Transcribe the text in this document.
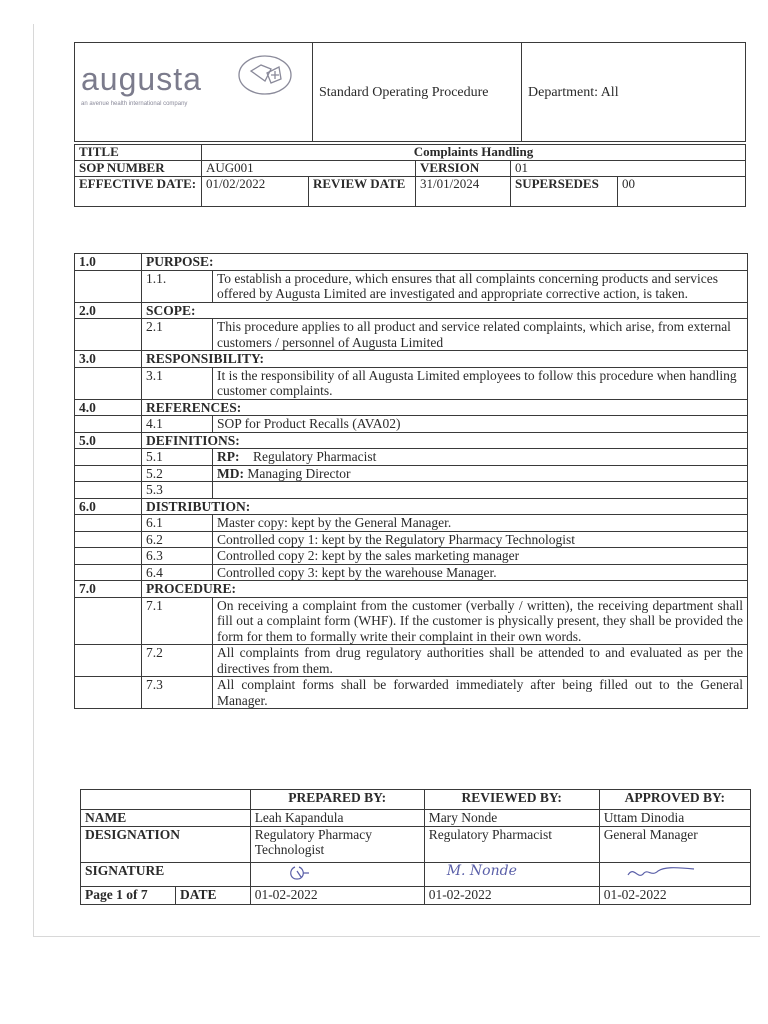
augusta
an avenue health international company
	Standard Operating Procedure	Department: All
TITLE	Complaints Handling				
SOP NUMBER	AUG001		VERSION	01	
EFFECTIVE DATE:	01/02/2022	REVIEW DATE	31/01/2024	SUPERSEDES	00
1.0	PURPOSE:	
	1.1.	To establish a procedure, which ensures that all complaints concerning products and services offered by Augusta Limited are investigated and appropriate corrective action, is taken.
2.0	SCOPE:	
	2.1	This procedure applies to all product and service related complaints, which arise, from external customers / personnel of Augusta Limited
3.0	RESPONSIBILITY:	
	3.1	It is the responsibility of all Augusta Limited employees to follow this procedure when handling customer complaints.
4.0	REFERENCES:	
	4.1	SOP for Product Recalls (AVA02)
5.0	DEFINITIONS:	
	5.1	RP: Regulatory Pharmacist
	5.2	MD: Managing Director
	5.3	
6.0	DISTRIBUTION:	
	6.1	Master copy: kept by the General Manager.
	6.2	Controlled copy 1: kept by the Regulatory Pharmacy Technologist
	6.3	Controlled copy 2: kept by the sales marketing manager
	6.4	Controlled copy 3: kept by the warehouse Manager.
7.0	PROCEDURE:	
	7.1	On receiving a complaint from the customer (verbally / written), the receiving department shall fill out a complaint form (WHF). If the customer is physically present, they shall be provided the form for them to formally write their complaint in their own words.
	7.2	All complaints from drug regulatory authorities shall be attended to and evaluated as per the directives from them.
	7.3	All complaint forms shall be forwarded immediately after being filled out to the General Manager.
		PREPARED BY:	REVIEWED BY:	APPROVED BY:
NAME		Leah Kapandula	Mary Nonde	Uttam Dinodia
DESIGNATION		Regulatory Pharmacy Technologist	Regulatory Pharmacist	General Manager
SIGNATURE			M. Nonde	
Page 1 of 7	DATE	01-02-2022	01-02-2022	01-02-2022
